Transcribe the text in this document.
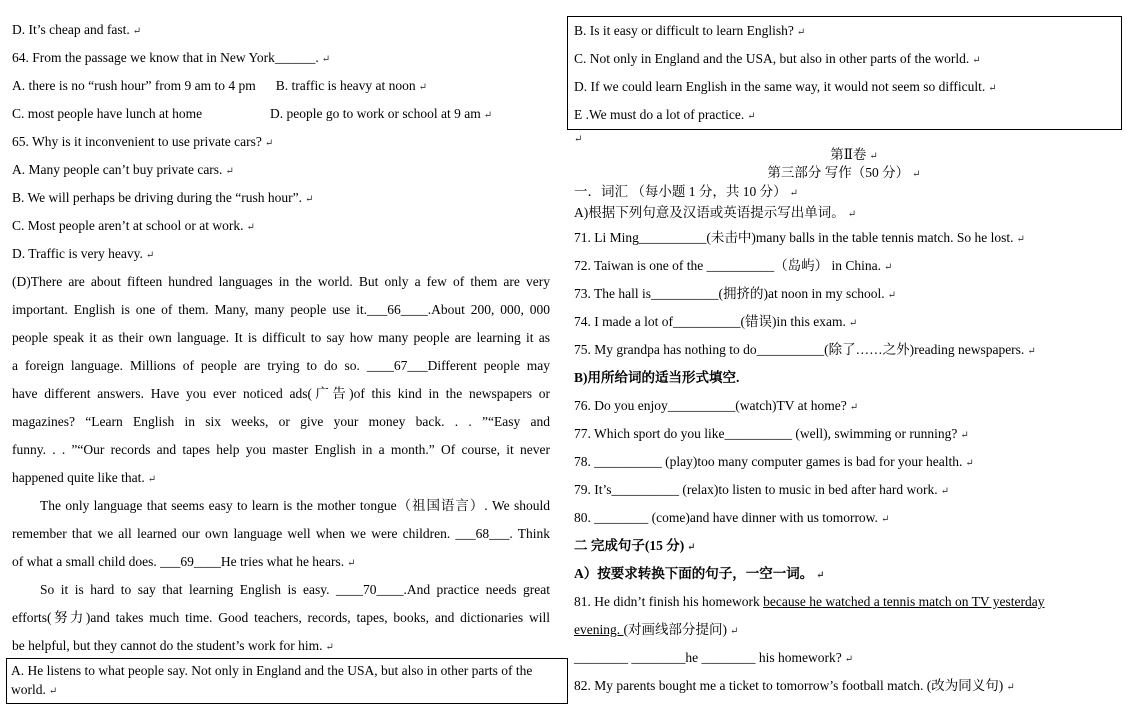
D. It’s cheap and fast. ↵
64. From the passage we know that in New York______. ↵
A. there is no “rush hour” from 9 am to 4 pm B. traffic is heavy at noon ↵
C. most people have lunch at home	D. people go to work or school at 9 am ↵
65. Why is it inconvenient to use private cars? ↵
A. Many people can’t buy private cars. ↵
B. We will perhaps be driving during the “rush hour”. ↵
C. Most people aren’t at school or at work. ↵
D. Traffic is very heavy. ↵
(D)There are about fifteen hundred languages in the world. But only a few of them are very
important. English is one of them. Many, many people use it.___66____.About 200, 000, 000
people speak it as their own language. It is difficult to say how many people are learning it as
a foreign language. Millions of people are trying to do so. ____67___Different people may
have different answers. Have you ever noticed ads(广告)of this kind in the newspapers or
magazines? “Learn English in six weeks, or give your money back. . . ”“Easy and
funny. . . ”“Our records and tapes help you master English in a month.” Of course, it never
happened quite like that. ↵
The only language that seems easy to learn is the mother tongue（祖国语言）. We should
remember that we all learned our own language well when we were children. ___68___. Think
of what a small child does. ___69____He tries what he hears. ↵
So it is hard to say that learning English is easy. ____70____.And practice needs great
efforts(努力)and takes much time. Good teachers, records, tapes, books, and dictionaries will
be helpful, but they cannot do the student’s work for him. ↵
A. He listens to what people say. Not only in England and the USA, but also in other parts of the world. ↵
B. Is it easy or difficult to learn English? ↵
C. Not only in England and the USA, but also in other parts of the world. ↵
D. If we could learn English in the same way, it would not seem so difficult. ↵
E .We must do a lot of practice. ↵
↵
第Ⅱ卷 ↵
第三部分 写作（50 分） ↵
一．词汇 （每小题 1 分，共 10 分） ↵
A)根据下列句意及汉语或英语提示写出单词。 ↵
71. Li Ming__________(未击中)many balls in the table tennis match. So he lost. ↵
72. Taiwan is one of the __________（岛屿） in China. ↵
73. The hall is__________(拥挤的)at noon in my school. ↵
74. I made a lot of__________(错误)in this exam. ↵
75. My grandpa has nothing to do__________(除了……之外)reading newspapers. ↵
B)用所给词的适当形式填空.
76. Do you enjoy__________(watch)TV at home? ↵
77. Which sport do you like__________ (well), swimming or running? ↵
78. __________ (play)too many computer games is bad for your health. ↵
79. It’s__________ (relax)to listen to music in bed after hard work. ↵
80. ________ (come)and have dinner with us tomorrow. ↵
二 完成句子(15 分) ↵
A）按要求转换下面的句子，一空一词。 ↵
81. He didn’t finish his homework because he watched a tennis match on TV yesterday
evening. (对画线部分提问) ↵
________ ________he ________ his homework? ↵
82. My parents bought me a ticket to tomorrow’s football match. (改为同义句) ↵
